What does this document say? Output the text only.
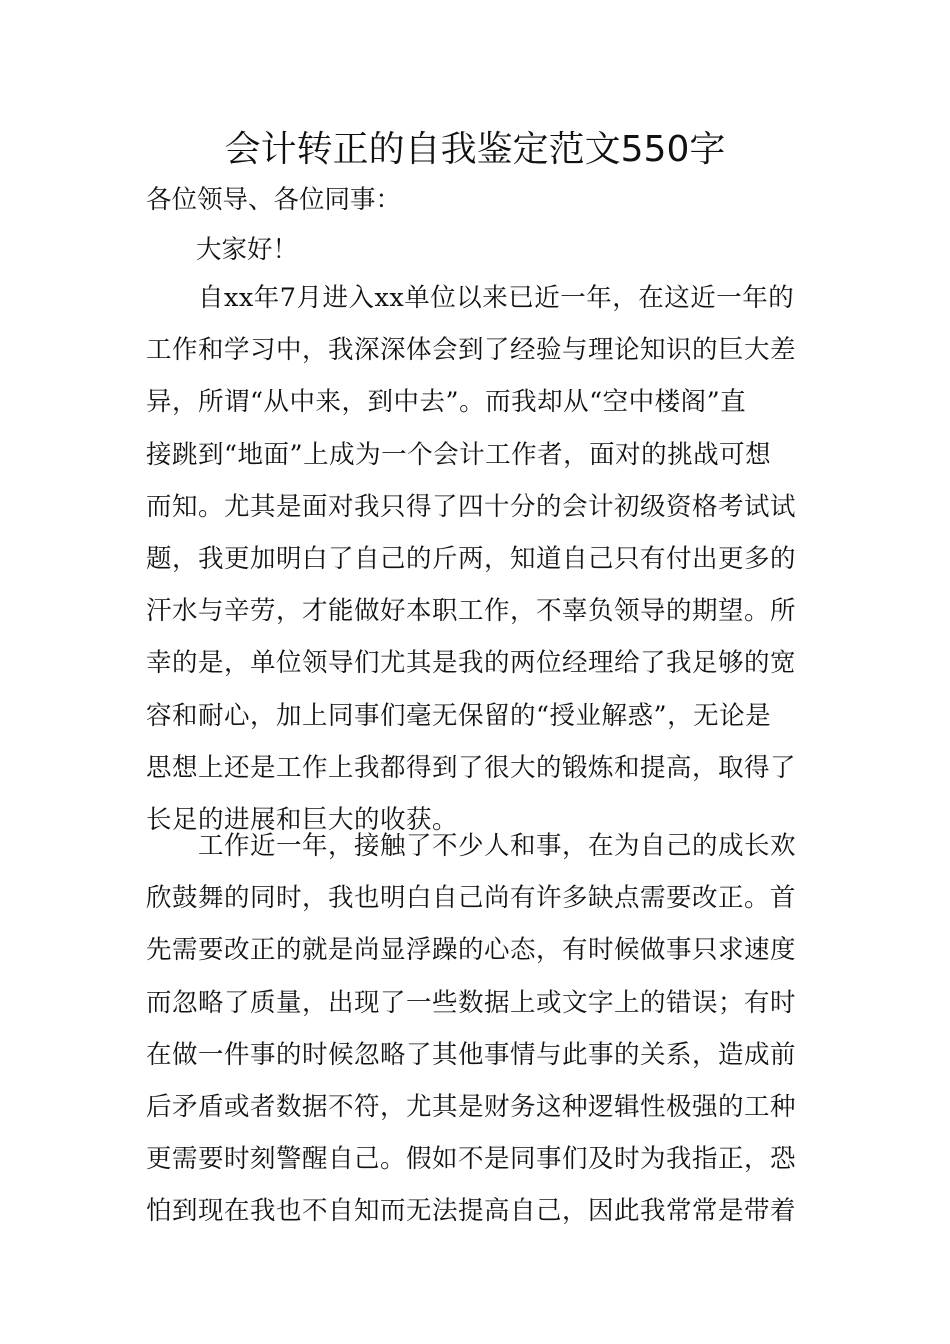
会计转正的自我鉴定范文550字
各位领导、各位同事：
大家好！
　　自xx年7月进入xx单位以来已近一年，在这近一年的
工作和学习中，我深深体会到了经验与理论知识的巨大差
异，所谓“从中来，到中去”。而我却从“空中楼阁”直
接跳到“地面”上成为一个会计工作者，面对的挑战可想
而知。尤其是面对我只得了四十分的会计初级资格考试试
题，我更加明白了自己的斤两，知道自己只有付出更多的
汗水与辛劳，才能做好本职工作，不辜负领导的期望。所
幸的是，单位领导们尤其是我的两位经理给了我足够的宽
容和耐心，加上同事们毫无保留的“授业解惑”，无论是
思想上还是工作上我都得到了很大的锻炼和提高，取得了
长足的进展和巨大的收获。
　　工作近一年，接触了不少人和事，在为自己的成长欢
欣鼓舞的同时，我也明白自己尚有许多缺点需要改正。首
先需要改正的就是尚显浮躁的心态，有时候做事只求速度
而忽略了质量，出现了一些数据上或文字上的错误；有时
在做一件事的时候忽略了其他事情与此事的关系，造成前
后矛盾或者数据不符，尤其是财务这种逻辑性极强的工种
更需要时刻警醒自己。假如不是同事们及时为我指正，恐
怕到现在我也不自知而无法提高自己，因此我常常是带着
